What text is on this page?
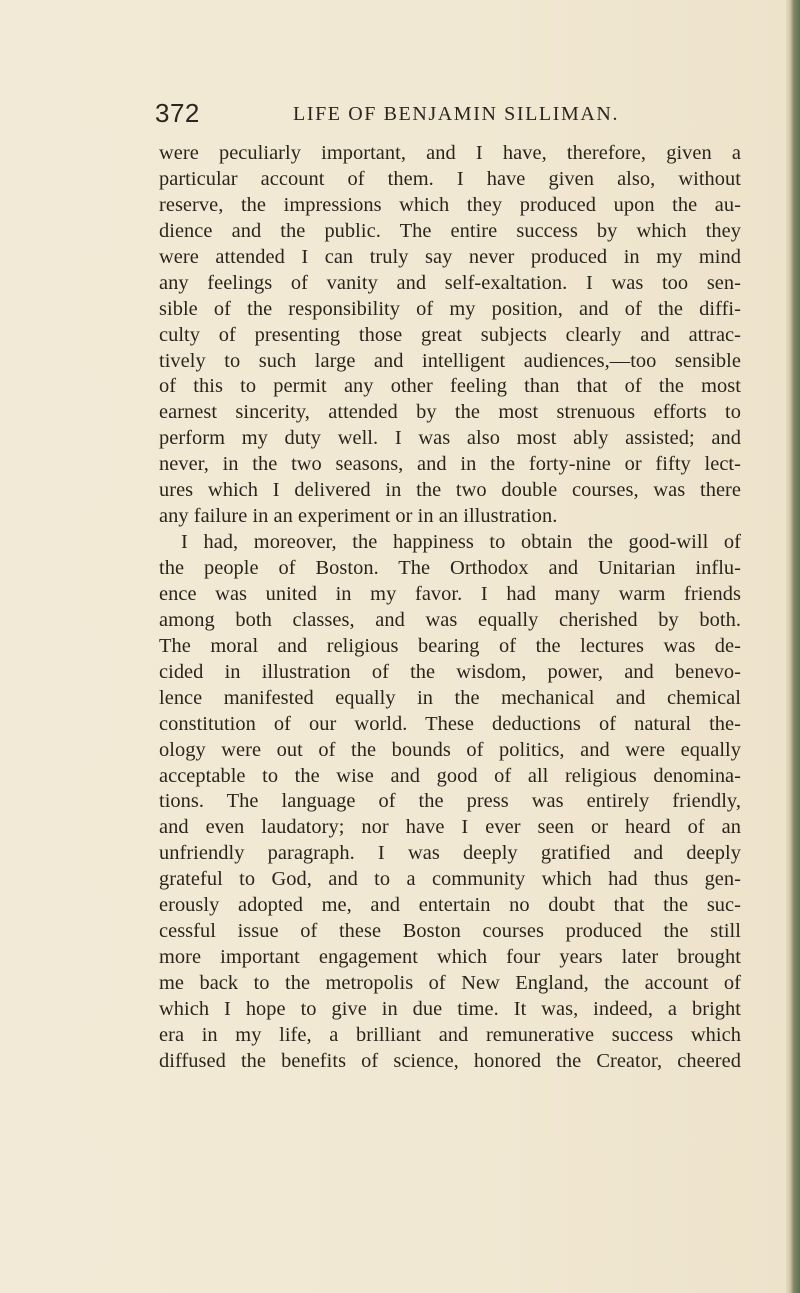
372	LIFE OF BENJAMIN SILLIMAN.
were peculiarly important, and I have, therefore, given a
particular account of them. I have given also, without
reserve, the impressions which they produced upon the au-
dience and the public. The entire success by which they
were attended I can truly say never produced in my mind
any feelings of vanity and self-exaltation. I was too sen-
sible of the responsibility of my position, and of the diffi-
culty of presenting those great subjects clearly and attrac-
tively to such large and intelligent audiences,—too sensible
of this to permit any other feeling than that of the most
earnest sincerity, attended by the most strenuous efforts to
perform my duty well. I was also most ably assisted; and
never, in the two seasons, and in the forty-nine or fifty lect-
ures which I delivered in the two double courses, was there
any failure in an experiment or in an illustration.
I had, moreover, the happiness to obtain the good-will of
the people of Boston. The Orthodox and Unitarian influ-
ence was united in my favor. I had many warm friends
among both classes, and was equally cherished by both.
The moral and religious bearing of the lectures was de-
cided in illustration of the wisdom, power, and benevo-
lence manifested equally in the mechanical and chemical
constitution of our world. These deductions of natural the-
ology were out of the bounds of politics, and were equally
acceptable to the wise and good of all religious denomina-
tions. The language of the press was entirely friendly,
and even laudatory; nor have I ever seen or heard of an
unfriendly paragraph. I was deeply gratified and deeply
grateful to God, and to a community which had thus gen-
erously adopted me, and entertain no doubt that the suc-
cessful issue of these Boston courses produced the still
more important engagement which four years later brought
me back to the metropolis of New England, the account of
which I hope to give in due time. It was, indeed, a bright
era in my life, a brilliant and remunerative success which
diffused the benefits of science, honored the Creator, cheered
